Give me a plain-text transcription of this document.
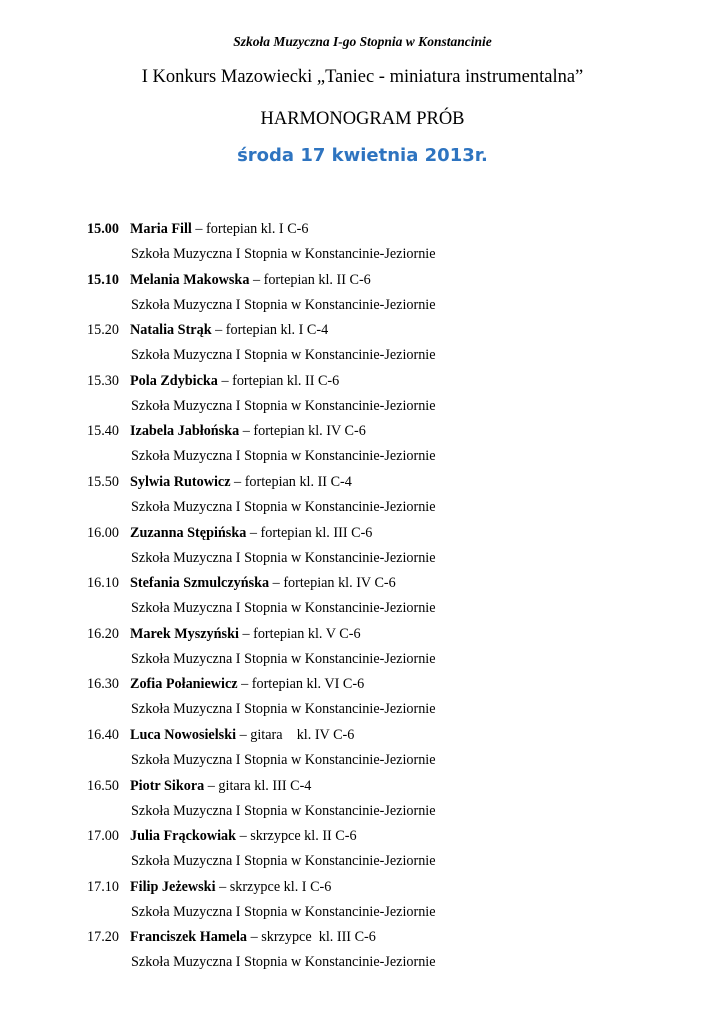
Szkoła Muzyczna I-go Stopnia w Konstancinie
I Konkurs Mazowiecki „Taniec - miniatura instrumentalna”
HARMONOGRAM PRÓB
środa 17 kwietnia 2013r.
15.00 Maria Fill – fortepian kl. I C-6
Szkoła Muzyczna I Stopnia w Konstancinie-Jeziornie
15.10 Melania Makowska – fortepian kl. II C-6
Szkoła Muzyczna I Stopnia w Konstancinie-Jeziornie
15.20 Natalia Strąk – fortepian kl. I C-4
Szkoła Muzyczna I Stopnia w Konstancinie-Jeziornie
15.30 Pola Zdybicka – fortepian kl. II C-6
Szkoła Muzyczna I Stopnia w Konstancinie-Jeziornie
15.40 Izabela Jabłońska – fortepian kl. IV C-6
Szkoła Muzyczna I Stopnia w Konstancinie-Jeziornie
15.50 Sylwia Rutowicz – fortepian kl. II C-4
Szkoła Muzyczna I Stopnia w Konstancinie-Jeziornie
16.00 Zuzanna Stępińska – fortepian kl. III C-6
Szkoła Muzyczna I Stopnia w Konstancinie-Jeziornie
16.10 Stefania Szmulczyńska – fortepian kl. IV C-6
Szkoła Muzyczna I Stopnia w Konstancinie-Jeziornie
16.20 Marek Myszyński – fortepian kl. V C-6
Szkoła Muzyczna I Stopnia w Konstancinie-Jeziornie
16.30 Zofia Połaniewicz – fortepian kl. VI C-6
Szkoła Muzyczna I Stopnia w Konstancinie-Jeziornie
16.40 Luca Nowosielski – gitara    kl. IV C-6
Szkoła Muzyczna I Stopnia w Konstancinie-Jeziornie
16.50 Piotr Sikora – gitara kl. III C-4
Szkoła Muzyczna I Stopnia w Konstancinie-Jeziornie
17.00 Julia Frąckowiak – skrzypce kl. II C-6
Szkoła Muzyczna I Stopnia w Konstancinie-Jeziornie
17.10 Filip Jeżewski – skrzypce kl. I C-6
Szkoła Muzyczna I Stopnia w Konstancinie-Jeziornie
17.20 Franciszek Hamela – skrzypce  kl. III C-6
Szkoła Muzyczna I Stopnia w Konstancinie-Jeziornie
